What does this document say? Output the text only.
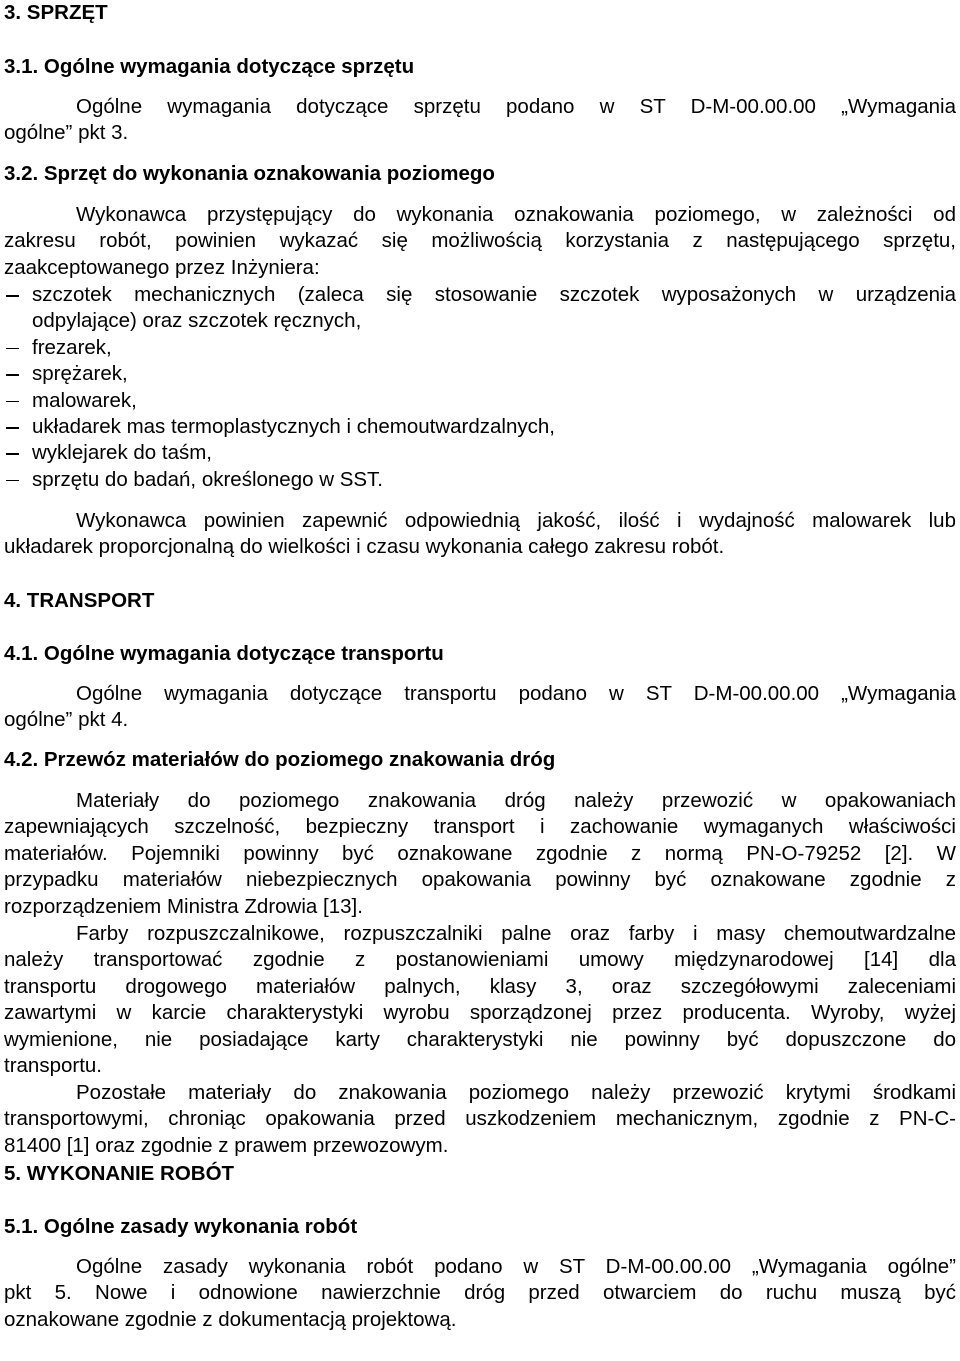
3. SPRZĘT
3.1. Ogólne wymagania dotyczące sprzętu
Ogólne wymagania dotyczące sprzętu podano w ST D-M-00.00.00 „Wymagania
ogólne” pkt 3.
3.2. Sprzęt do wykonania oznakowania poziomego
Wykonawca przystępujący do wykonania oznakowania poziomego, w zależności od
zakresu robót, powinien wykazać się możliwością korzystania z następującego sprzętu,
zaakceptowanego przez Inżyniera:
szczotek mechanicznych (zaleca się stosowanie szczotek wyposażonych w urządzenia
odpylające) oraz szczotek ręcznych,
frezarek,
sprężarek,
malowarek,
układarek mas termoplastycznych i chemoutwardzalnych,
wyklejarek do taśm,
sprzętu do badań, określonego w SST.
Wykonawca powinien zapewnić odpowiednią jakość, ilość i wydajność malowarek lub
układarek proporcjonalną do wielkości i czasu wykonania całego zakresu robót.
4. TRANSPORT
4.1. Ogólne wymagania dotyczące transportu
Ogólne wymagania dotyczące transportu podano w ST D-M-00.00.00 „Wymagania
ogólne” pkt 4.
4.2. Przewóz materiałów do poziomego znakowania dróg
Materiały do poziomego znakowania dróg należy przewozić w opakowaniach
zapewniających szczelność, bezpieczny transport i zachowanie wymaganych właściwości
materiałów. Pojemniki powinny być oznakowane zgodnie z normą PN-O-79252 [2]. W
przypadku materiałów niebezpiecznych opakowania powinny być oznakowane zgodnie z
rozporządzeniem Ministra Zdrowia [13].
Farby rozpuszczalnikowe, rozpuszczalniki palne oraz farby i masy chemoutwardzalne
należy transportować zgodnie z postanowieniami umowy międzynarodowej [14] dla
transportu drogowego materiałów palnych, klasy 3, oraz szczegółowymi zaleceniami
zawartymi w karcie charakterystyki wyrobu sporządzonej przez producenta. Wyroby, wyżej
wymienione, nie posiadające karty charakterystyki nie powinny być dopuszczone do
transportu.
Pozostałe materiały do znakowania poziomego należy przewozić krytymi środkami
transportowymi, chroniąc opakowania przed uszkodzeniem mechanicznym, zgodnie z PN-C-
81400 [1] oraz zgodnie z prawem przewozowym.
5. WYKONANIE ROBÓT
5.1. Ogólne zasady wykonania robót
Ogólne zasady wykonania robót podano w ST D-M-00.00.00 „Wymagania ogólne”
pkt 5. Nowe i odnowione nawierzchnie dróg przed otwarciem do ruchu muszą być
oznakowane zgodnie z dokumentacją projektową.
